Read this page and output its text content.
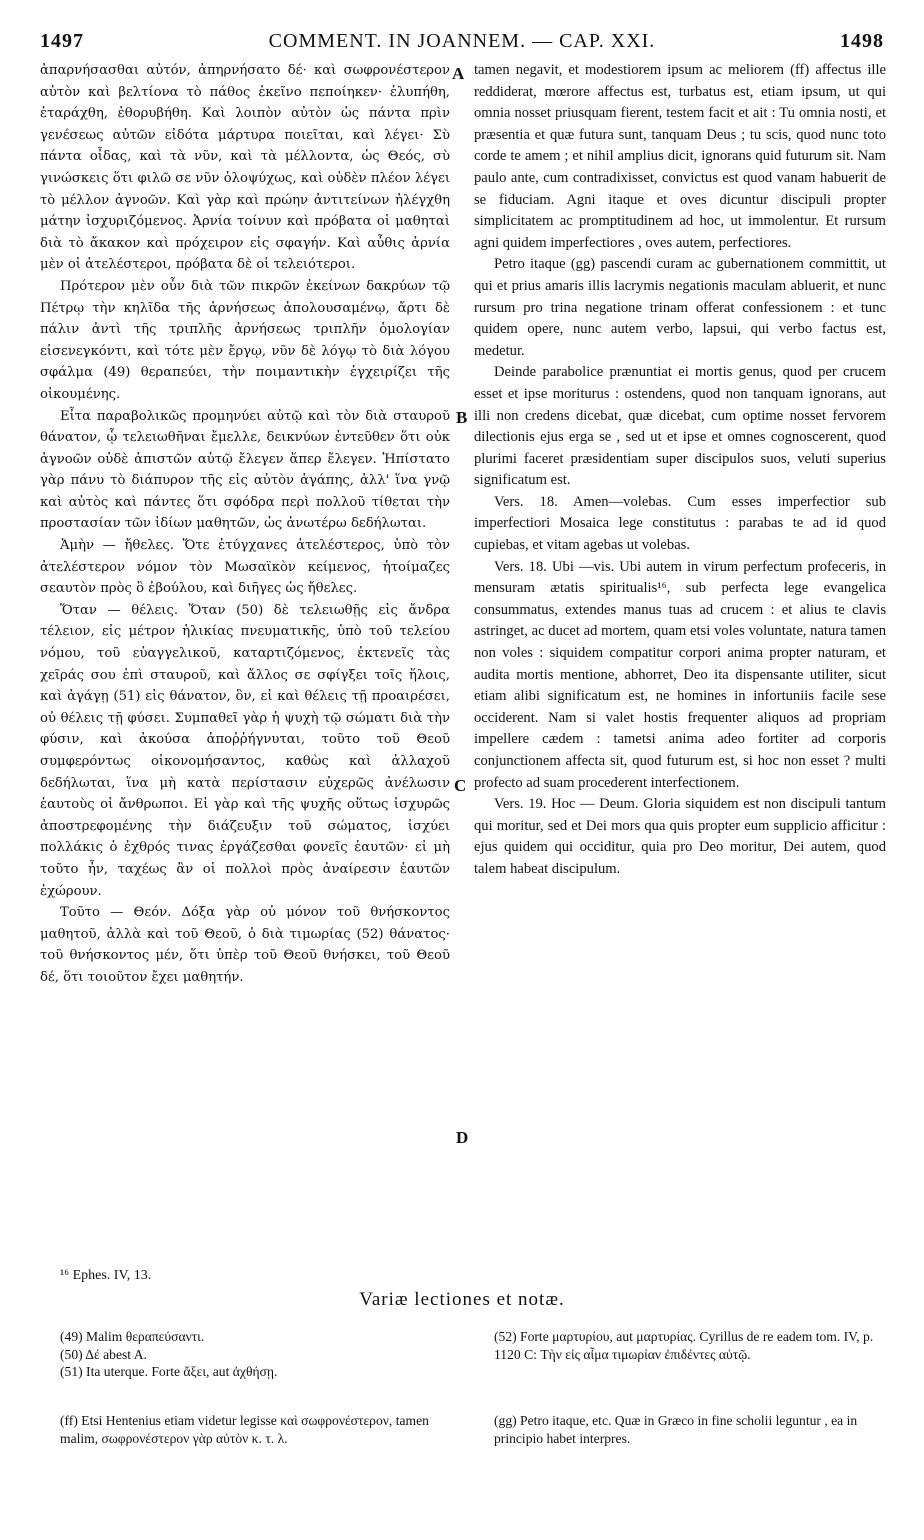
1497	COMMENT. IN JOANNEM. — CAP. XXI.	1498

ἀπαρνήσασθαι αὐτόν, ἀπηρνήσατο δέ· καὶ σωφρονέστερον αὐτὸν καὶ βελτίονα τὸ πάθος ἐκεῖνο πεποίηκεν· ἐλυπήθη, ἐταράχθη, ἐθορυβήθη. Καὶ λοιπὸν αὐτὸν ὡς πάντα πρὶν γενέσεως αὐτῶν εἰδότα μάρτυρα ποιεῖται, καὶ λέγει· Σὺ πάντα οἶδας, καὶ τὰ νῦν, καὶ τὰ μέλλοντα, ὡς Θεός, σὺ γινώσκεις ὅτι φιλῶ σε νῦν ὁλοψύχως, καὶ οὐδὲν πλέον λέγει τὸ μέλλον ἀγνοῶν. Καὶ γὰρ καὶ πρώην ἀντιτείνων ἠλέγχθη μάτην ἰσχυριζόμενος. Ἀρνία τοίνυν καὶ πρόβατα οἱ μαθηταὶ διὰ τὸ ἄκακον καὶ πρόχειρον εἰς σφαγήν. Καὶ αὖθις ἀρνία μὲν οἱ ἀτελέστεροι, πρόβατα δὲ οἱ τελειότεροι.

Πρότερον μὲν οὖν διὰ τῶν πικρῶν ἐκείνων δακρύων τῷ Πέτρῳ τὴν κηλῖδα τῆς ἀρνήσεως ἀπολουσαμένῳ, ἄρτι δὲ πάλιν ἀντὶ τῆς τριπλῆς ἀρνήσεως τριπλῆν ὁμολογίαν εἰσενεγκόντι, καὶ τότε μὲν ἔργῳ, νῦν δὲ λόγῳ τὸ διὰ λόγου σφάλμα (49) θεραπεύει, τὴν ποιμαντικὴν ἐγχειρίζει τῆς οἰκουμένης.

Εἶτα παραβολικῶς προμηνύει αὐτῷ καὶ τὸν διὰ σταυροῦ θάνατον, ᾧ τελειωθῆναι ἔμελλε, δεικνύων ἐντεῦθεν ὅτι οὐκ ἀγνοῶν οὐδὲ ἀπιστῶν αὐτῷ ἔλεγεν ἅπερ ἔλεγεν. Ἠπίστατο γὰρ πάνυ τὸ διάπυρον τῆς εἰς αὐτὸν ἀγάπης, ἀλλ' ἵνα γνῷ καὶ αὐτὸς καὶ πάντες ὅτι σφόδρα περὶ πολλοῦ τίθεται τὴν προστασίαν τῶν ἰδίων μαθητῶν, ὡς ἀνωτέρω δεδήλωται.

Ἀμὴν — ἤθελες. Ὅτε ἐτύγχανες ἀτελέστερος, ὑπὸ τὸν ἀτελέστερον νόμον τὸν Μωσαϊκὸν κείμενος, ἡτοίμαζες σεαυτὸν πρὸς ὃ ἐβούλου, καὶ διῆγες ὡς ἤθελες.

Ὅταν — θέλεις. Ὅταν (50) δὲ τελειωθῇς εἰς ἄνδρα τέλειον, εἰς μέτρον ἡλικίας πνευματικῆς, ὑπὸ τοῦ τελείου νόμου, τοῦ εὐαγγελικοῦ, καταρτιζόμενος, ἐκτενεῖς τὰς χεῖράς σου ἐπὶ σταυροῦ, καὶ ἄλλος σε σφίγξει τοῖς ἥλοις, καὶ ἀγάγῃ (51) εἰς θάνατον, ὃν, εἰ καὶ θέλεις τῇ προαιρέσει, οὐ θέλεις τῇ φύσει. Συμπαθεῖ γὰρ ἡ ψυχὴ τῷ σώματι διὰ τὴν φύσιν, καὶ ἀκούσα ἀποῤῥήγνυται, τοῦτο τοῦ Θεοῦ συμφερόντως οἰκονομήσαντος, καθὼς καὶ ἀλλαχοῦ δεδήλωται, ἵνα μὴ κατὰ περίστασιν εὐχερῶς ἀνέλωσιν ἑαυτοὺς οἱ ἄνθρωποι. Εἰ γὰρ καὶ τῆς ψυχῆς οὕτως ἰσχυρῶς ἀποστρεφομένης τὴν διάζευξιν τοῦ σώματος, ἰσχύει πολλάκις ὁ ἐχθρός τινας ἐργάζεσθαι φονεῖς ἑαυτῶν· εἰ μὴ τοῦτο ἦν, ταχέως ἂν οἱ πολλοὶ πρὸς ἀναίρεσιν ἑαυτῶν ἐχώρουν.

Τοῦτο — Θεόν. Δόξα γὰρ οὐ μόνον τοῦ θνήσκοντος μαθητοῦ, ἀλλὰ καὶ τοῦ Θεοῦ, ὁ διὰ τιμωρίας (52) θάνατος· τοῦ θνήσκοντος μέν, ὅτι ὑπὲρ τοῦ Θεοῦ θνήσκει, τοῦ Θεοῦ δέ, ὅτι τοιοῦτον ἔχει μαθητήν.

A
B
C
D

tamen negavit, et modestiorem ipsum ac meliorem (ff) affectus ille reddiderat, mœrore affectus est, turbatus est, etiam ipsum, ut qui omnia nosset priusquam fierent, testem facit et ait : Tu omnia nosti, et præsentia et quæ futura sunt, tanquam Deus ; tu scis, quod nunc toto corde te amem ; et nihil amplius dicit, ignorans quid futurum sit. Nam paulo ante, cum contradixisset, convictus est quod vanam habuerit de se fiduciam. Agni itaque et oves dicuntur discipuli propter simplicitatem ac promptitudinem ad hoc, ut immolentur. Et rursum agni quidem imperfectiores , oves autem, perfectiores.

Petro itaque (gg) pascendi curam ac gubernationem committit, ut qui et prius amaris illis lacrymis negationis maculam abluerit, et nunc rursum pro trina negatione trinam offerat confessionem : et tunc quidem opere, nunc autem verbo, lapsui, qui verbo factus est, medetur.

Deinde parabolice prænuntiat ei mortis genus, quod per crucem esset et ipse moriturus : ostendens, quod non tanquam ignorans, aut illi non credens dicebat, quæ dicebat, cum optime nosset fervorem dilectionis ejus erga se , sed ut et ipse et omnes cognoscerent, quod plurimi faceret præsidentiam super discipulos suos, veluti superius significatum est.

Vers. 18. Amen—volebas. Cum esses imperfectior sub imperfectiori Mosaica lege constitutus : parabas te ad id quod cupiebas, et vitam agebas ut volebas.

Vers. 18. Ubi —vis. Ubi autem in virum perfectum profeceris, in mensuram ætatis spiritualis¹⁶, sub perfecta lege evangelica consummatus, extendes manus tuas ad crucem : et alius te clavis astringet, ac ducet ad mortem, quam etsi voles voluntate, natura tamen non voles : siquidem compatitur corpori anima propter naturam, et audita mortis mentione, abhorret, Deo ita dispensante utiliter, sicut etiam alibi significatum est, ne homines in infortuniis facile sese occiderent. Nam si valet hostis frequenter aliquos ad propriam impellere cædem : tametsi anima adeo fortiter ad corporis conjunctionem affecta sit, quod futurum est, si hoc non esset ? multi profecto ad suam procederent interfectionem.

Vers. 19. Hoc — Deum. Gloria siquidem est non discipuli tantum qui moritur, sed et Dei mors qua quis propter eum supplicio afficitur : ejus quidem qui occiditur, quia pro Deo moritur, Dei autem, quod talem habeat discipulum.

¹⁶ Ephes. IV, 13.
Variæ lectiones et notæ.

(49) Malim θεραπεύσαντι.

(50) Δέ abest A.

(51) Ita uterque. Forte ἄξει, aut ἀχθήσῃ.

(52) Forte μαρτυρίου, aut μαρτυρίας. Cyrillus de re eadem tom. IV, p. 1120 C: Τὴν εἰς αἷμα τιμωρίαν ἐπιδέντες αὐτῷ.

(ff) Etsi Hentenius etiam videtur legisse καὶ σωφρονέστερον, tamen malim, σωφρονέστερον γὰρ αὐτὸν κ. τ. λ.

(gg) Petro itaque, etc. Quæ in Græco in fine scholii leguntur , ea in principio habet interpres.
